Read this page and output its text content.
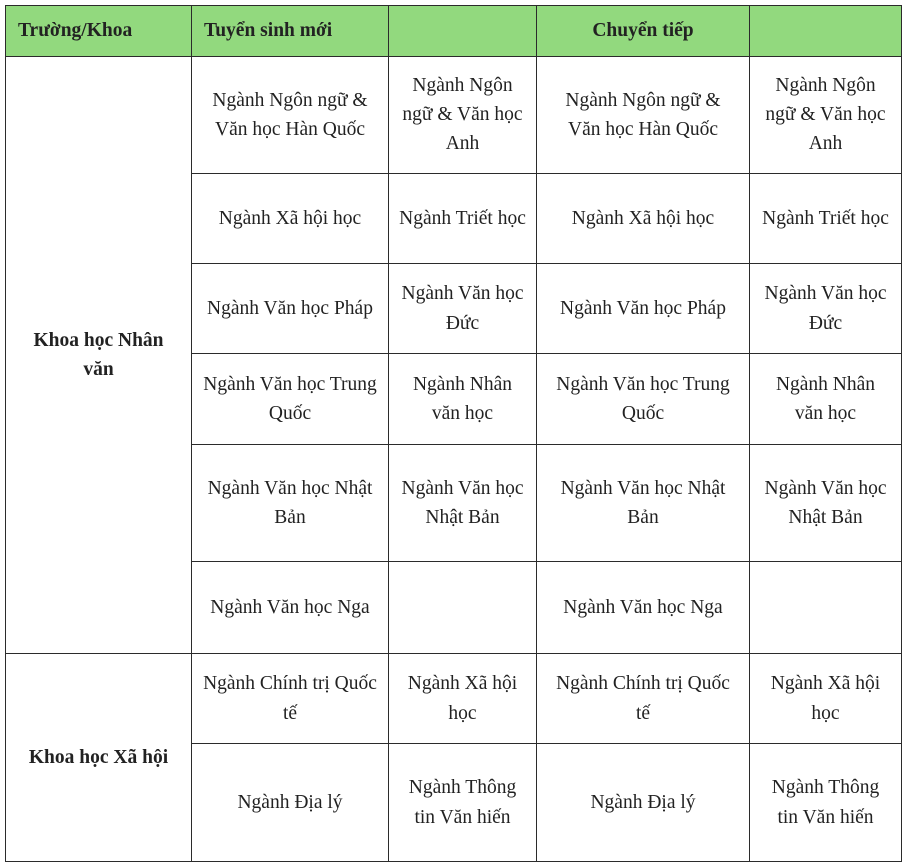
Trường/Khoa	Tuyển sinh mới		Chuyển tiếp	
Khoa học Nhân văn	Ngành Ngôn ngữ & Văn học Hàn Quốc	Ngành Ngôn ngữ & Văn học Anh	Ngành Ngôn ngữ & Văn học Hàn Quốc	Ngành Ngôn ngữ & Văn học Anh
	Ngành Xã hội học	Ngành Triết học	Ngành Xã hội học	Ngành Triết học
	Ngành Văn học Pháp	Ngành Văn học Đức	Ngành Văn học Pháp	Ngành Văn học Đức
	Ngành Văn học Trung Quốc	Ngành Nhân văn học	Ngành Văn học Trung Quốc	Ngành Nhân văn học
	Ngành Văn học Nhật Bản	Ngành Văn học Nhật Bản	Ngành Văn học Nhật Bản	Ngành Văn học Nhật Bản
	Ngành Văn học Nga		Ngành Văn học Nga	
Khoa học Xã hội	Ngành Chính trị Quốc tế	Ngành Xã hội học	Ngành Chính trị Quốc tế	Ngành Xã hội học
	Ngành Địa lý	Ngành Thông tin Văn hiến	Ngành Địa lý	Ngành Thông tin Văn hiến
